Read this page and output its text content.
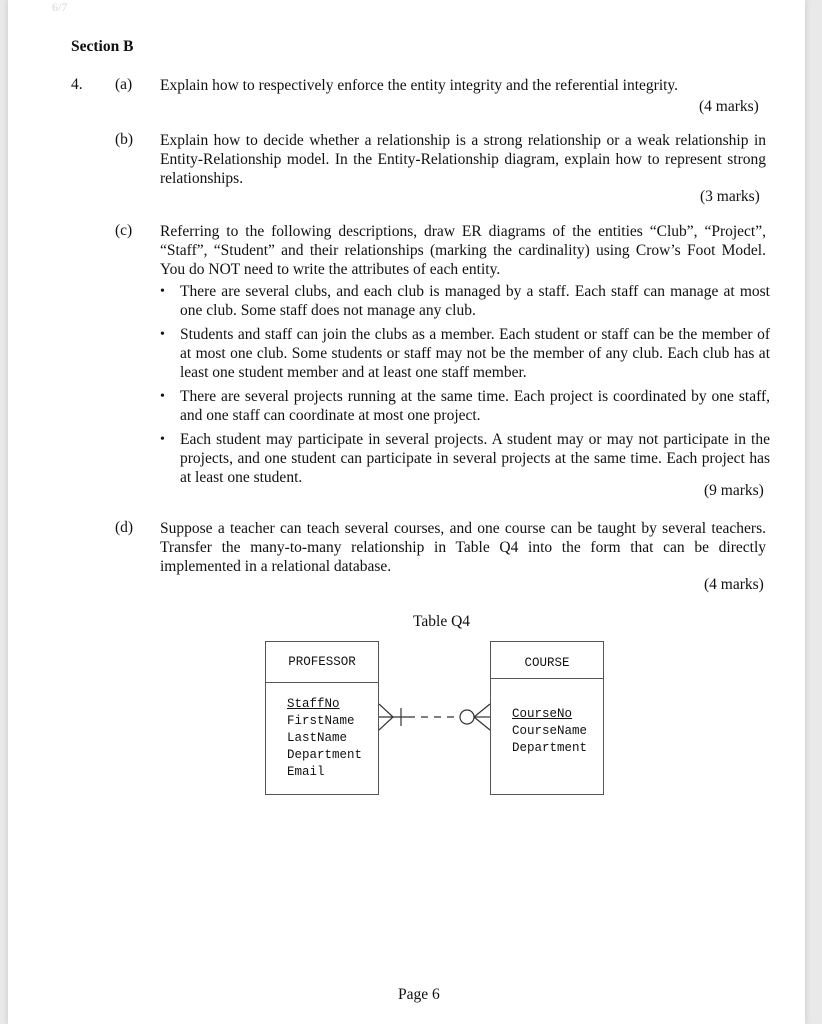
6/7
Section B
4. (a) Explain how to respectively enforce the entity integrity and the referential integrity.
(4 marks)
(b) Explain how to decide whether a relationship is a strong relationship or a weak relationship in Entity-Relationship model. In the Entity-Relationship diagram, explain how to represent strong relationships.
(3 marks)
(c) Referring to the following descriptions, draw ER diagrams of the entities “Club”, “Project”, “Staff”, “Student” and their relationships (marking the cardinality) using Crow’s Foot Model. You do NOT need to write the attributes of each entity.
• There are several clubs, and each club is managed by a staff. Each staff can manage at most one club. Some staff does not manage any club.
• Students and staff can join the clubs as a member. Each student or staff can be the member of at most one club. Some students or staff may not be the member of any club. Each club has at least one student member and at least one staff member.
• There are several projects running at the same time. Each project is coordinated by one staff, and one staff can coordinate at most one project.
• Each student may participate in several projects. A student may or may not participate in the projects, and one student can participate in several projects at the same time. Each project has at least one student.
(9 marks)
(d) Suppose a teacher can teach several courses, and one course can be taught by several teachers. Transfer the many-to-many relationship in Table Q4 into the form that can be directly implemented in a relational database.
(4 marks)
Table Q4
PROFESSOR
StaffNo
FirstName
LastName
Department
Email
COURSE
CourseNo
CourseName
Department
Page 6
